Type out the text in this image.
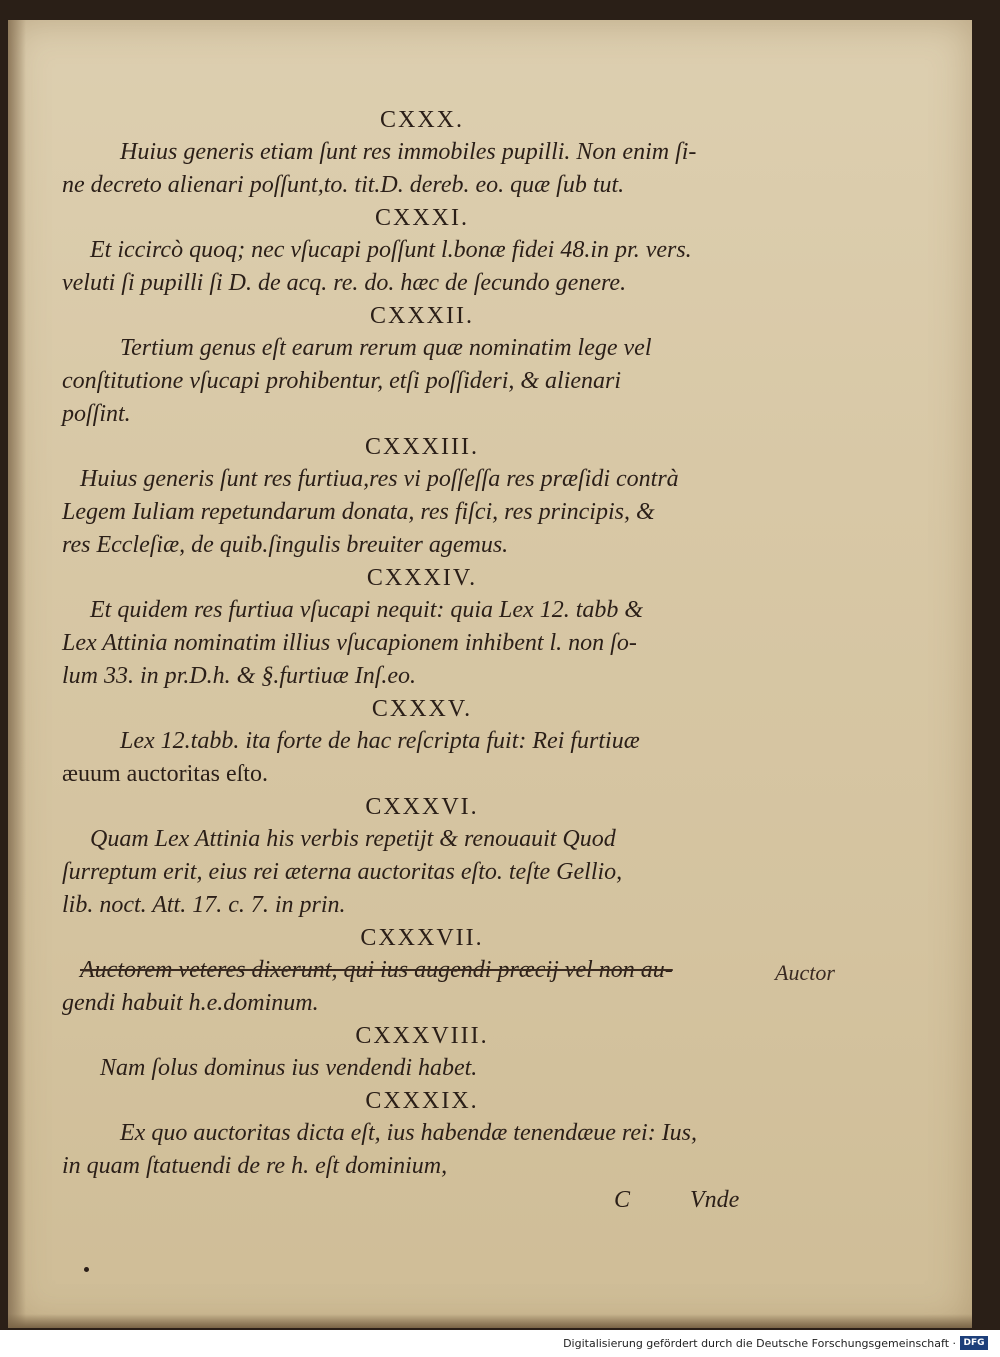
CXXX.
Huius generis etiam ſunt res immobiles pupilli. Non enim ſi-
ne decreto alienari poſſunt,to. tit.D. dereb. eo. quæ ſub tut.
CXXXI.
Et iccircò quoq; nec vſucapi poſſunt l.bonæ fidei 48.in pr. vers.
veluti ſi pupilli ſi D. de acq. re. do. hæc de ſecundo genere.
CXXXII.
Tertium genus eſt earum rerum quæ nominatim lege vel
conſtitutione vſucapi prohibentur, etſi poſſideri, & alienari
poſſint.
CXXXIII.
Huius generis ſunt res furtiua,res vi poſſeſſa res præſidi contrà
Legem Iuliam repetundarum donata, res fiſci, res principis, &
res Eccleſiæ, de quib.ſingulis breuiter agemus.
CXXXIV.
Et quidem res furtiua vſucapi nequit: quia Lex 12. tabb &
Lex Attinia nominatim illius vſucapionem inhibent l. non ſo-
lum 33. in pr.D.h. & §.furtiuæ Inſ.eo.
CXXXV.
Lex 12.tabb. ita forte de hac reſcripta fuit: Rei furtiuæ
æuum auctoritas eſto.
CXXXVI.
Quam Lex Attinia his verbis repetijt & renouauit Quod
ſurreptum erit, eius rei æterna auctoritas eſto. teſte Gellio,
lib. noct. Att. 17. c. 7. in prin.
CXXXVII.
Auctorem veteres dixerunt, qui ius augendi præcij vel non au-
gendi habuit h.e.dominum.
CXXXVIII.
Nam ſolus dominus ius vendendi habet.
CXXXIX.
Ex quo auctoritas dicta eſt, ius habendæ tenendæue rei: Ius,
in quam ſtatuendi de re h. eſt dominium,
Auctor
C Vnde
Digitalisierung gefördert durch die Deutsche Forschungsgemeinschaft · DFG
